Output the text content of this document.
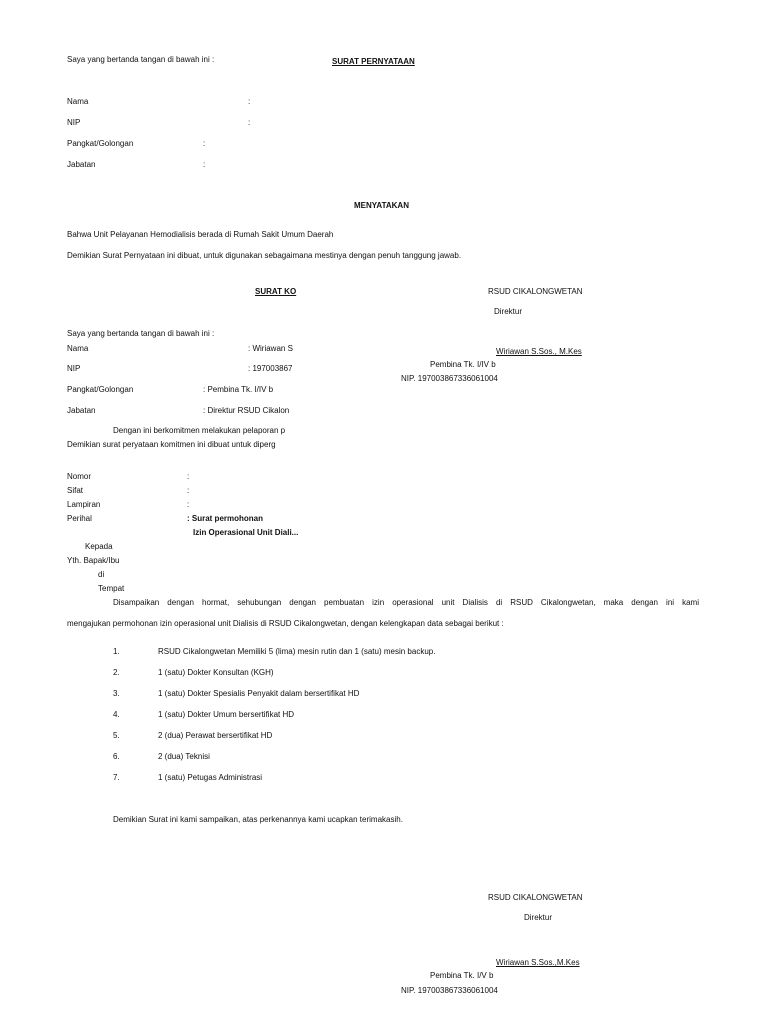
Saya yang bertanda tangan di bawah ini :	SURAT PERNYATAAN
Nama	:
NIP	:
Pangkat/Golongan	:
Jabatan	:
MENYATAKAN
Bahwa Unit Pelayanan Hemodialisis berada di Rumah Sakit Umum Daerah
Demikian Surat Pernyataan ini dibuat, untuk digunakan sebagaimana mestinya dengan penuh tanggung jawab.
SURAT KO
Saya yang bertanda tangan di bawah ini :
Nama	: Wiriawan S
NIP	: 197003867
Pangkat/Golongan	: Pembina Tk. I/IV b
Jabatan	: Direktur RSUD Cikalon
Dengan ini berkomitmen melakukan pelaporan p
Demikian surat peryataan komitmen ini dibuat untuk diperg
RSUD CIKALONGWETAN
Direktur
Wiriawan S.Sos., M.Kes
Pembina Tk. I/IV b
NIP. 197003867336061004
Nomor	:
Sifat	:
Lampiran	:
Perihal	: Surat permohonan
Izin Operasional Unit Diali...
Kepada
Yth. Bapak/Ibu
di
Tempat
Disampaikan dengan hormat, sehubungan dengan pembuatan izin operasional unit Dialisis di RSUD Cikalongwetan, maka dengan ini kami
mengajukan permohonan izin operasional unit Dialisis di RSUD Cikalongwetan, dengan kelengkapan data sebagai berikut :
1.	RSUD Cikalongwetan Memiliki 5 (lima) mesin rutin dan 1 (satu) mesin backup.
2.	1 (satu) Dokter Konsultan (KGH)
3.	1 (satu) Dokter Spesialis Penyakit dalam bersertifikat HD
4.	1 (satu) Dokter Umum bersertifikat HD
5.	2 (dua) Perawat bersertifikat HD
6.	2 (dua) Teknisi
7.	1 (satu) Petugas Administrasi
Demikian Surat ini kami sampaikan, atas perkenannya kami ucapkan terimakasih.
RSUD CIKALONGWETAN
Direktur
Wiriawan S.Sos.,M.Kes
Pembina Tk. I/V b
NIP. 197003867336061004
